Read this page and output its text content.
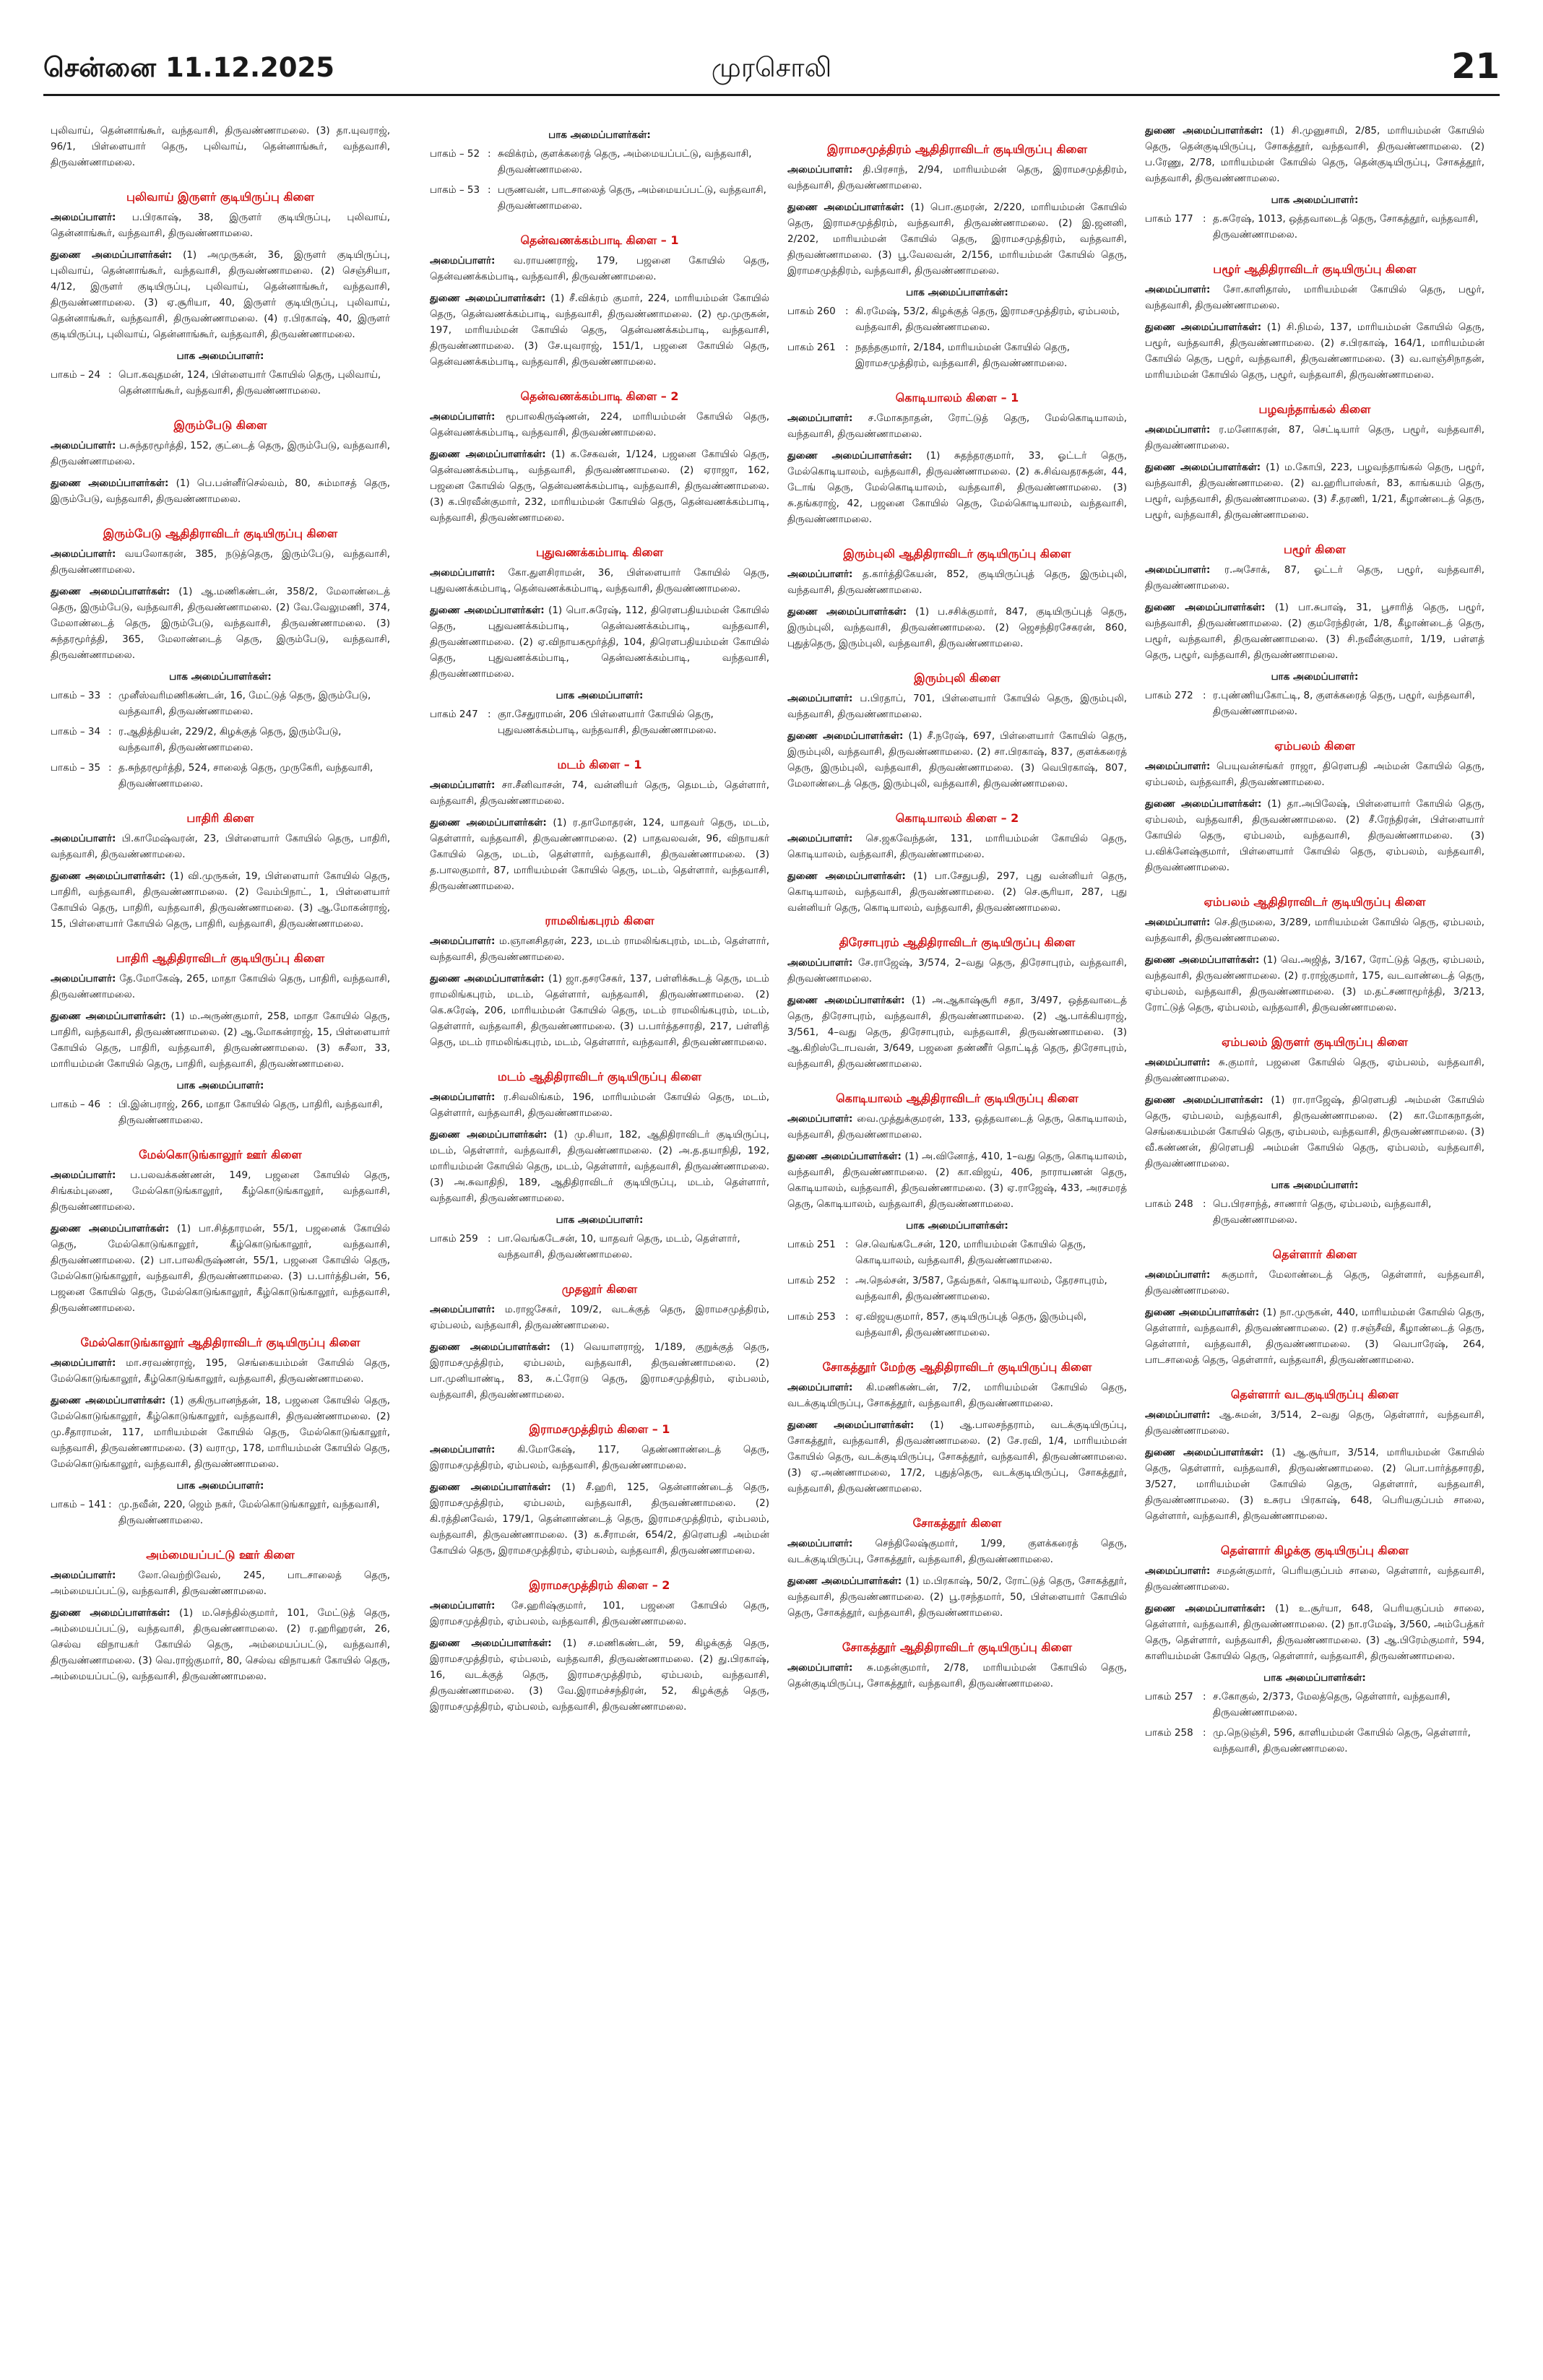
சென்னை 11.12.2025	முரசொலி	21
புலிவாய், தென்னாங்கூர், வந்தவாசி, திருவண்ணாமலை. (3) தா.யுவராஜ், 96/1, பிள்ளையார் தெரு, புலிவாய், தென்னாங்கூர், வந்தவாசி, திருவண்ணாமலை.
புலிவாய் இருளர் குடியிருப்பு கிளை
அமைப்பாளர்: ப.பிரகாஷ், 38, இருளர் குடியிருப்பு, புலிவாய், தென்னாங்கூர், வந்தவாசி, திருவண்ணாமலை.
துணை அமைப்பாளர்கள்: (1) அமுருகன், 36, இருளர் குடியிருப்பு, புலிவாய், தென்னாங்கூர், வந்தவாசி, திருவண்ணாமலை. (2) செஞ்சியா, 4/12, இருளர் குடியிருப்பு, புலிவாய், தென்னாங்கூர், வந்தவாசி, திருவண்ணாமலை. (3) ஏ.சூரியா, 40, இருளர் குடியிருப்பு, புலிவாய், தென்னாங்கூர், வந்தவாசி, திருவண்ணாமலை. (4) ர.பிரகாஷ், 40, இருளர் குடியிருப்பு, புலிவாய், தென்னாங்கூர், வந்தவாசி, திருவண்ணாமலை.
பாக அமைப்பாளர்:
பாகம் – 24 : பொ.கவுதமன், 124, பிள்ளையார் கோயில் தெரு, புலிவாய், தென்னாங்கூர், வந்தவாசி, திருவண்ணாமலை.
இரும்பேடு கிளை
அமைப்பாளர்: ப.சுந்தரமூர்த்தி, 152, குட்டைத் தெரு, இரும்பேடு, வந்தவாசி, திருவண்ணாமலை.
துணை அமைப்பாளர்கள்: (1) பெ.பன்னீர்செல்வம், 80, சும்மாசத் தெரு, இரும்பேடு, வந்தவாசி, திருவண்ணாமலை.
இரும்பேடு ஆதிதிராவிடர் குடியிருப்பு கிளை
அமைப்பாளர்: வயலோகரன், 385, நடுத்தெரு, இரும்பேடு, வந்தவாசி, திருவண்ணாமலை.
துணை அமைப்பாளர்கள்: (1) ஆ.மணிகண்டன், 358/2, மேலாண்டைத் தெரு, இரும்பேடு, வந்தவாசி, திருவண்ணாமலை. (2) வே.வேலுமணி, 374, மேலாண்டைத் தெரு, இரும்பேடு, வந்தவாசி, திருவண்ணாமலை. (3) சுந்தரமூர்த்தி, 365, மேலாண்டைத் தெரு, இரும்பேடு, வந்தவாசி, திருவண்ணாமலை.
பாக அமைப்பாளர்கள்:
பாகம் – 33 : முனீஸ்வரிமணிகண்டன், 16, மேட்டுத் தெரு, இரும்பேடு, வந்தவாசி, திருவண்ணாமலை.
பாகம் – 34 : ர.ஆதித்தியன், 229/2, கிழக்குத் தெரு, இரும்பேடு, வந்தவாசி, திருவண்ணாமலை.
பாகம் – 35 : த.சுந்தரமூர்த்தி, 524, சாலைத் தெரு, முருகேரி, வந்தவாசி, திருவண்ணாமலை.
பாதிரி கிளை
அமைப்பாளர்: பி.காமேஷ்வரன், 23, பிள்ளையார் கோயில் தெரு, பாதிரி, வந்தவாசி, திருவண்ணாமலை.
துணை அமைப்பாளர்கள்: (1) வி.முருகன், 19, பிள்ளையார் கோயில் தெரு, பாதிரி, வந்தவாசி, திருவண்ணாமலை. (2) வேம்பிநாட், 1, பிள்ளையார் கோயில் தெரு, பாதிரி, வந்தவாசி, திருவண்ணாமலை. (3) ஆ.மோகன்ராஜ், 15, பிள்ளையார் கோயில் தெரு, பாதிரி, வந்தவாசி, திருவண்ணாமலை.
பாதிரி ஆதிதிராவிடர் குடியிருப்பு கிளை
அமைப்பாளர்: தே.மோகேஷ், 265, மாதா கோயில் தெரு, பாதிரி, வந்தவாசி, திருவண்ணாமலை.
துணை அமைப்பாளர்கள்: (1) ம.அருண்குமார், 258, மாதா கோயில் தெரு, பாதிரி, வந்தவாசி, திருவண்ணாமலை. (2) ஆ.மோகன்ராஜ், 15, பிள்ளையார் கோயில் தெரு, பாதிரி, வந்தவாசி, திருவண்ணாமலை. (3) சுசீலா, 33, மாரியம்மன் கோயில் தெரு, பாதிரி, வந்தவாசி, திருவண்ணாமலை.
பாக அமைப்பாளர்:
பாகம் – 46 : பி.இன்பராஜ், 266, மாதா கோயில் தெரு, பாதிரி, வந்தவாசி, திருவண்ணாமலை.
மேல்கொடுங்காலூர் ஊர் கிளை
அமைப்பாளர்: ப.பலவக்கண்ணன், 149, பஜனை கோயில் தெரு, சிங்கம்புணை, மேல்கொடுங்காலூர், கீழ்கொடுங்காலூர், வந்தவாசி, திருவண்ணாமலை.
துணை அமைப்பாளர்கள்: (1) பா.சித்தாரமன், 55/1, பஜனைக் கோயில் தெரு, மேல்கொடுங்காலூர், கீழ்கொடுங்காலூர், வந்தவாசி, திருவண்ணாமலை. (2) பா.பாலகிருஷ்ணன், 55/1, பஜனை கோயில் தெரு, மேல்கொடுங்காலூர், வந்தவாசி, திருவண்ணாமலை. (3) ப.பார்த்திபன், 56, பஜனை கோயில் தெரு, மேல்கொடுங்காலூர், கீழ்கொடுங்காலூர், வந்தவாசி, திருவண்ணாமலை.
மேல்கொடுங்காலூர் ஆதிதிராவிடர் குடியிருப்பு கிளை
அமைப்பாளர்: மா.சரவண்ராஜ், 195, செங்கையம்மன் கோயில் தெரு, மேல்கொடுங்காலூர், கீழ்கொடுங்காலூர், வந்தவாசி, திருவண்ணாமலை.
துணை அமைப்பாளர்கள்: (1) குகிருபானந்தன், 18, பஜனை கோயில் தெரு, மேல்கொடுங்காலூர், கீழ்கொடுங்காலூர், வந்தவாசி, திருவண்ணாமலை. (2) மு.சீதாராமன், 117, மாரியம்மன் கோயில் தெரு, மேல்கொடுங்காலூர், வந்தவாசி, திருவண்ணாமலை. (3) வராமு, 178, மாரியம்மன் கோயில் தெரு, மேல்கொடுங்காலூர், வந்தவாசி, திருவண்ணாமலை.
பாக அமைப்பாளர்:
பாகம் – 141 : மு.நவீன், 220, ஜெம் நகர், மேல்கொடுங்காலூர், வந்தவாசி, திருவண்ணாமலை.
அம்மையப்பட்டு ஊர் கிளை
அமைப்பாளர்: லோ.வெற்றிவேல், 245, பாடசாலைத் தெரு, அம்மையப்பட்டு, வந்தவாசி, திருவண்ணாமலை.
துணை அமைப்பாளர்கள்: (1) ம.செந்தில்குமார், 101, மேட்டுத் தெரு, அம்மையப்பட்டு, வந்தவாசி, திருவண்ணாமலை. (2) ர.ஹரிஹரன், 26, செல்வ விநாயகர் கோயில் தெரு, அம்மையப்பட்டு, வந்தவாசி, திருவண்ணாமலை. (3) வெ.ராஜ்குமார், 80, செல்வ விநாயகர் கோயில் தெரு, அம்மையப்பட்டு, வந்தவாசி, திருவண்ணாமலை.
பாக அமைப்பாளர்கள்:
பாகம் – 52 : சுவிக்ரம், குளக்கரைத் தெரு, அம்மையப்பட்டு, வந்தவாசி, திருவண்ணாமலை.
பாகம் – 53 : பருணவன், பாடசாலைத் தெரு, அம்மையப்பட்டு, வந்தவாசி, திருவண்ணாமலை.
தென்வணக்கம்பாடி கிளை – 1
அமைப்பாளர்: வ.ராயணராஜ், 179, பஜனை கோயில் தெரு, தென்வணக்கம்பாடி, வந்தவாசி, திருவண்ணாமலை.
துணை அமைப்பாளர்கள்: (1) சீ.விக்ரம் குமார், 224, மாரியம்மன் கோயில் தெரு, தென்வணக்கம்பாடி, வந்தவாசி, திருவண்ணாமலை. (2) மூ.முருகன், 197, மாரியம்மன் கோயில் தெரு, தென்வணக்கம்பாடி, வந்தவாசி, திருவண்ணாமலை. (3) சே.யுவராஜ், 151/1, பஜனை கோயில் தெரு, தென்வணக்கம்பாடி, வந்தவாசி, திருவண்ணாமலை.
தென்வணக்கம்பாடி கிளை – 2
அமைப்பாளர்: மூபாலகிருஷ்ணன், 224, மாரியம்மன் கோயில் தெரு, தென்வணக்கம்பாடி, வந்தவாசி, திருவண்ணாமலை.
துணை அமைப்பாளர்கள்: (1) க.சேகவன், 1/124, பஜனை கோயில் தெரு, தென்வணக்கம்பாடி, வந்தவாசி, திருவண்ணாமலை. (2) ஏராஜா, 162, பஜனை கோயில் தெரு, தென்வணக்கம்பாடி, வந்தவாசி, திருவண்ணாமலை. (3) க.பிரவீன்குமார், 232, மாரியம்மன் கோயில் தெரு, தென்வணக்கம்பாடி, வந்தவாசி, திருவண்ணாமலை.
புதுவணக்கம்பாடி கிளை
அமைப்பாளர்: கோ.துளசிராமன், 36, பிள்ளையார் கோயில் தெரு, புதுவணக்கம்பாடி, தென்வணக்கம்பாடி, வந்தவாசி, திருவண்ணாமலை.
துணை அமைப்பாளர்கள்: (1) பொ.சுரேஷ், 112, திரௌபதியம்மன் கோயில் தெரு, புதுவணக்கம்பாடி, தென்வணக்கம்பாடி, வந்தவாசி, திருவண்ணாமலை. (2) ஏ.விநாயகமூர்த்தி, 104, திரௌபதியம்மன் கோயில் தெரு, புதுவணக்கம்பாடி, தென்வணக்கம்பாடி, வந்தவாசி, திருவண்ணாமலை.
பாக அமைப்பாளர்:
பாகம் 247 : குா.சேதுராமன், 206 பிள்ளையார் கோயில் தெரு, புதுவணக்கம்பாடி, வந்தவாசி, திருவண்ணாமலை.
மடம் கிளை – 1
அமைப்பாளர்: சா.சீனிவாசன், 74, வன்னியர் தெரு, தெமடம், தெள்ளார், வந்தவாசி, திருவண்ணாமலை.
துணை அமைப்பாளர்கள்: (1) ர.தாமோதரன், 124, யாதவர் தெரு, மடம், தெள்ளார், வந்தவாசி, திருவண்ணாமலை. (2) பாதவலவன், 96, விநாயகர் கோயில் தெரு, மடம், தெள்ளார், வந்தவாசி, திருவண்ணாமலை. (3) த.பாலகுமார், 87, மாரியம்மன் கோயில் தெரு, மடம், தெள்ளார், வந்தவாசி, திருவண்ணாமலை.
ராமலிங்கபுரம் கிளை
அமைப்பாளர்: ம.ஞானசிதரன், 223, மடம் ராமலிங்கபுரம், மடம், தெள்ளார், வந்தவாசி, திருவண்ணாமலை.
துணை அமைப்பாளர்கள்: (1) ஜா.தசரசேகர், 137, பள்ளிக்கூடத் தெரு, மடம் ராமலிங்கபுரம், மடம், தெள்ளார், வந்தவாசி, திருவண்ணாமலை. (2) கெ.சுரேஷ், 206, மாரியம்மன் கோயில் தெரு, மடம் ராமலிங்கபுரம், மடம், தெள்ளார், வந்தவாசி, திருவண்ணாமலை. (3) ப.பார்த்தசாரதி, 217, பள்ளித் தெரு, மடம் ராமலிங்கபுரம், மடம், தெள்ளார், வந்தவாசி, திருவண்ணாமலை.
மடம் ஆதிதிராவிடர் குடியிருப்பு கிளை
அமைப்பாளர்: ர.சிவலிங்கம், 196, மாரியம்மன் கோயில் தெரு, மடம், தெள்ளார், வந்தவாசி, திருவண்ணாமலை.
துணை அமைப்பாளர்கள்: (1) மு.சியா, 182, ஆதிதிராவிடர் குடியிருப்பு, மடம், தெள்ளார், வந்தவாசி, திருவண்ணாமலை. (2) அ.த.தயாநிதி, 192, மாரியம்மன் கோயில் தெரு, மடம், தெள்ளார், வந்தவாசி, திருவண்ணாமலை. (3) அ.சுவாதிநி, 189, ஆதிதிராவிடர் குடியிருப்பு, மடம், தெள்ளார், வந்தவாசி, திருவண்ணாமலை.
பாக அமைப்பாளர்:
பாகம் 259 : பா.வெங்கடேசன், 10, யாதவர் தெரு, மடம், தெள்ளார், வந்தவாசி, திருவண்ணாமலை.
முதலூர் கிளை
அமைப்பாளர்: ம.ராஜசேகர், 109/2, வடக்குத் தெரு, இராமசமுத்திரம், ஏம்பலம், வந்தவாசி, திருவண்ணாமலை.
துணை அமைப்பாளர்கள்: (1) வெயாளராஜ், 1/189, குறுக்குத் தெரு, இராமசமுத்திரம், ஏம்பலம், வந்தவாசி, திருவண்ணாமலை. (2) பா.முனியாண்டி, 83, சு.ட்ரோடு தெரு, இராமசமுத்திரம், ஏம்பலம், வந்தவாசி, திருவண்ணாமலை.
இராமசமுத்திரம் கிளை – 1
அமைப்பாளர்: கி.மோகேஷ், 117, தெண்ணாண்டைத் தெரு, இராமசமுத்திரம், ஏம்பலம், வந்தவாசி, திருவண்ணாமலை.
துணை அமைப்பாளர்கள்: (1) சீ.ஹரி, 125, தென்னாண்டைத் தெரு, இராமசமுத்திரம், ஏம்பலம், வந்தவாசி, திருவண்ணாமலை. (2) கி.ரத்தினவேல், 179/1, தென்னாண்டைத் தெரு, இராமசமுத்திரம், ஏம்பலம், வந்தவாசி, திருவண்ணாமலை. (3) க.சீராமன், 654/2, திரௌபதி அம்மன் கோயில் தெரு, இராமசமுத்திரம், ஏம்பலம், வந்தவாசி, திருவண்ணாமலை.
இராமசமுத்திரம் கிளை – 2
அமைப்பாளர்: சே.ஹரிஷ்குமார், 101, பஜனை கோயில் தெரு, இராமசமுத்திரம், ஏம்பலம், வந்தவாசி, திருவண்ணாமலை.
துணை அமைப்பாளர்கள்: (1) ச.மணிகண்டன், 59, கிழக்குத் தெரு, இராமசமுத்திரம், ஏம்பலம், வந்தவாசி, திருவண்ணாமலை. (2) து.பிரகாஷ், 16, வடக்குத் தெரு, இராமசமுத்திரம், ஏம்பலம், வந்தவாசி, திருவண்ணாமலை. (3) வே.இராமச்சந்திரன், 52, கிழக்குத் தெரு, இராமசமுத்திரம், ஏம்பலம், வந்தவாசி, திருவண்ணாமலை.
இராமசமுத்திரம் ஆதிதிராவிடர் குடியிருப்பு கிளை
அமைப்பாளர்: தி.பிரசாந், 2/94, மாரியம்மன் தெரு, இராமசமுத்திரம், வந்தவாசி, திருவண்ணாமலை.
துணை அமைப்பாளர்கள்: (1) பொ.குமரன், 2/220, மாரியம்மன் கோயில் தெரு, இராமசமுத்திரம், வந்தவாசி, திருவண்ணாமலை. (2) இ.ஜனனி, 2/202, மாரியம்மன் கோயில் தெரு, இராமசமுத்திரம், வந்தவாசி, திருவண்ணாமலை. (3) பூ.வேலவன், 2/156, மாரியம்மன் கோயில் தெரு, இராமசமுத்திரம், வந்தவாசி, திருவண்ணாமலை.
பாக அமைப்பாளர்கள்:
பாகம் 260 : கி.ரமேஷ், 53/2, கிழக்குத் தெரு, இராமசமுத்திரம், ஏம்பலம், வந்தவாசி, திருவண்ணாமலை.
பாகம் 261 : நதந்தகுமார், 2/184, மாரியம்மன் கோயில் தெரு, இராமசமுத்திரம், வந்தவாசி, திருவண்ணாமலை.
கொடியாலம் கிளை – 1
அமைப்பாளர்: ச.மோகநாதன், ரோட்டுத் தெரு, மேல்கொடியாலம், வந்தவாசி, திருவண்ணாமலை.
துணை அமைப்பாளர்கள்: (1) சுதந்தரகுமார், 33, ஓட்டர் தெரு, மேல்கொடியாலம், வந்தவாசி, திருவண்ணாமலை. (2) சு.சிவ்வதரசுதன், 44, டோங் தெரு, மேல்கொடியாலம், வந்தவாசி, திருவண்ணாமலை. (3) சு.தங்கராஜ், 42, பஜனை கோயில் தெரு, மேல்கொடியாலம், வந்தவாசி, திருவண்ணாமலை.
இரும்புலி ஆதிதிராவிடர் குடியிருப்பு கிளை
அமைப்பாளர்: த.கார்த்திகேயன், 852, குடியிருப்புத் தெரு, இரும்புலி, வந்தவாசி, திருவண்ணாமலை.
துணை அமைப்பாளர்கள்: (1) ப.சசிக்குமார், 847, குடியிருப்புத் தெரு, இரும்புலி, வந்தவாசி, திருவண்ணாமலை. (2) ஜெசந்திரசேகரன், 860, புதுத்தெரு, இரும்புலி, வந்தவாசி, திருவண்ணாமலை.
இரும்புலி கிளை
அமைப்பாளர்: ப.பிரதாப், 701, பிள்ளையார் கோயில் தெரு, இரும்புலி, வந்தவாசி, திருவண்ணாமலை.
துணை அமைப்பாளர்கள்: (1) சீ.நரேஷ், 697, பிள்ளையார் கோயில் தெரு, இரும்புலி, வந்தவாசி, திருவண்ணாமலை. (2) சா.பிரகாஷ், 837, குளக்கரைத் தெரு, இரும்புலி, வந்தவாசி, திருவண்ணாமலை. (3) வெபிரகாஷ், 807, மேலாண்டைத் தெரு, இரும்புலி, வந்தவாசி, திருவண்ணாமலை.
கொடியாலம் கிளை – 2
அமைப்பாளர்: செ.ஜகவேந்தன், 131, மாரியம்மன் கோயில் தெரு, கொடியாலம், வந்தவாசி, திருவண்ணாமலை.
துணை அமைப்பாளர்கள்: (1) பா.சேதுபதி, 297, புது வன்னியர் தெரு, கொடியாலம், வந்தவாசி, திருவண்ணாமலை. (2) செ.சூரியா, 287, புது வன்னியர் தெரு, கொடியாலம், வந்தவாசி, திருவண்ணாமலை.
திரேசாபுரம் ஆதிதிராவிடர் குடியிருப்பு கிளை
அமைப்பாளர்: சே.ராஜேஷ், 3/574, 2–வது தெரு, திரேசாபுரம், வந்தவாசி, திருவண்ணாமலை.
துணை அமைப்பாளர்கள்: (1) அ.ஆகாஷ்சூரி சதா, 3/497, ஒத்தவாடைத் தெரு, திரேசாபுரம், வந்தவாசி, திருவண்ணாமலை. (2) ஆ.பாக்கியராஜ், 3/561, 4–வது தெரு, திரேசாபுரம், வந்தவாசி, திருவண்ணாமலை. (3) ஆ.கிறிஸ்டோபவன், 3/649, பஜனை தண்ணீர் தொட்டித் தெரு, திரேசாபுரம், வந்தவாசி, திருவண்ணாமலை.
கொடியாலம் ஆதிதிராவிடர் குடியிருப்பு கிளை
அமைப்பாளர்: வை.முத்துக்குமரன், 133, ஒத்தவாடைத் தெரு, கொடியாலம், வந்தவாசி, திருவண்ணாமலை.
துணை அமைப்பாளர்கள்: (1) அ.வினோத், 410, 1–வது தெரு, கொடியாலம், வந்தவாசி, திருவண்ணாமலை. (2) கா.விஜய், 406, நாராயணன் தெரு, கொடியாலம், வந்தவாசி, திருவண்ணாமலை. (3) ஏ.ராஜேஷ், 433, அரசமரத் தெரு, கொடியாலம், வந்தவாசி, திருவண்ணாமலை.
பாக அமைப்பாளர்கள்:
பாகம் 251 : செ.வெங்கடேசன், 120, மாரியம்மன் கோயில் தெரு, கொடியாலம், வந்தவாசி, திருவண்ணாமலை.
பாகம் 252 : அ.நெல்சன், 3/587, தேவ்நகர், கொடியாலம், தேரசாபுரம், வந்தவாசி, திருவண்ணாமலை.
பாகம் 253 : ஏ.விஜயகுமார், 857, குடியிருப்புத் தெரு, இரும்புலி, வந்தவாசி, திருவண்ணாமலை.
சோகத்தூர் மேற்கு ஆதிதிராவிடர் குடியிருப்பு கிளை
அமைப்பாளர்: கி.மணிகண்டன், 7/2, மாரியம்மன் கோயில் தெரு, வடக்குடியிருப்பு, சோகத்தூர், வந்தவாசி, திருவண்ணாமலை.
துணை அமைப்பாளர்கள்: (1) ஆ.பாலசந்தராம், வடக்குடியிருப்பு, சோகத்தூர், வந்தவாசி, திருவண்ணாமலை. (2) சே.ரவி, 1/4, மாரியம்மன் கோயில் தெரு, வடக்குடியிருப்பு, சோகத்தூர், வந்தவாசி, திருவண்ணாமலை. (3) ஏ.அண்ணாமலை, 17/2, புதுத்தெரு, வடக்குடியிருப்பு, சோகத்தூர், வந்தவாசி, திருவண்ணாமலை.
சோகத்தூர் கிளை
அமைப்பாளர்: செந்திலேஷ்குமார், 1/99, குளக்கரைத் தெரு, வடக்குடியிருப்பு, சோகத்தூர், வந்தவாசி, திருவண்ணாமலை.
துணை அமைப்பாளர்கள்: (1) ம.பிரகாஷ், 50/2, ரோட்டுத் தெரு, சோகத்தூர், வந்தவாசி, திருவண்ணாமலை. (2) பூ.ரசந்தமார், 50, பிள்ளையார் கோயில் தெரு, சோகத்தூர், வந்தவாசி, திருவண்ணாமலை.
சோகத்தூர் ஆதிதிராவிடர் குடியிருப்பு கிளை
அமைப்பாளர்: சு.மதன்குமார், 2/78, மாரியம்மன் கோயில் தெரு, தென்குடியிருப்பு, சோகத்தூர், வந்தவாசி, திருவண்ணாமலை.
துணை அமைப்பாளர்கள்: (1) சி.முனுசாமி, 2/85, மாரியம்மன் கோயில் தெரு, தென்குடியிருப்பு, சோகத்தூர், வந்தவாசி, திருவண்ணாமலை. (2) ப.ரேணு, 2/78, மாரியம்மன் கோயில் தெரு, தென்குடியிருப்பு, சோகத்தூர், வந்தவாசி, திருவண்ணாமலை.
பாக அமைப்பாளர்:
பாகம் 177 : த.சுரேஷ், 1013, ஒத்தவாடைத் தெரு, சோகத்தூர், வந்தவாசி, திருவண்ணாமலை.
பழூர் ஆதிதிராவிடர் குடியிருப்பு கிளை
அமைப்பாளர்: சோ.காளிதாஸ், மாரியம்மன் கோயில் தெரு, பழூர், வந்தவாசி, திருவண்ணாமலை.
துணை அமைப்பாளர்கள்: (1) சி.நிமல், 137, மாரியம்மன் கோயில் தெரு, பழூர், வந்தவாசி, திருவண்ணாமலை. (2) ச.பிரகாஷ், 164/1, மாரியம்மன் கோயில் தெரு, பழூர், வந்தவாசி, திருவண்ணாமலை. (3) வ.வாஞ்சிநாதன், மாரியம்மன் கோயில் தெரு, பழூர், வந்தவாசி, திருவண்ணாமலை.
பழவந்தாங்கல் கிளை
அமைப்பாளர்: ர.மனோகரன், 87, செட்டியார் தெரு, பழூர், வந்தவாசி, திருவண்ணாமலை.
துணை அமைப்பாளர்கள்: (1) ம.கோபி, 223, பழவந்தாங்கல் தெரு, பழூர், வந்தவாசி, திருவண்ணாமலை. (2) வ.ஹரிபாஸ்கர், 83, காங்கயம் தெரு, பழூர், வந்தவாசி, திருவண்ணாமலை. (3) சீ.தரணி, 1/21, கீழாண்டைத் தெரு, பழூர், வந்தவாசி, திருவண்ணாமலை.
பழூர் கிளை
அமைப்பாளர்: ர.அசோக், 87, ஓட்டர் தெரு, பழூர், வந்தவாசி, திருவண்ணாமலை.
துணை அமைப்பாளர்கள்: (1) பா.சுபாஷ், 31, பூசாரித் தெரு, பழூர், வந்தவாசி, திருவண்ணாமலை. (2) குமரேந்திரன், 1/8, கீழாண்டைத் தெரு, பழூர், வந்தவாசி, திருவண்ணாமலை. (3) சி.நவீன்குமார், 1/19, பள்ளத் தெரு, பழூர், வந்தவாசி, திருவண்ணாமலை.
பாக அமைப்பாளர்:
பாகம் 272 : ர.புண்ணியகோட்டி, 8, குளக்கரைத் தெரு, பழூர், வந்தவாசி, திருவண்ணாமலை.
ஏம்பலம் கிளை
அமைப்பாளர்: பெயுவன்சங்கர் ராஜா, திரௌபதி அம்மன் கோயில் தெரு, ஏம்பலம், வந்தவாசி, திருவண்ணாமலை.
துணை அமைப்பாளர்கள்: (1) தா.அபிலேஷ், பிள்ளையார் கோயில் தெரு, ஏம்பலம், வந்தவாசி, திருவண்ணாமலை. (2) சீ.ரேந்திரன், பிள்ளையார் கோயில் தெரு, ஏம்பலம், வந்தவாசி, திருவண்ணாமலை. (3) ப.விக்னேஷ்குமார், பிள்ளையார் கோயில் தெரு, ஏம்பலம், வந்தவாசி, திருவண்ணாமலை.
ஏம்பலம் ஆதிதிராவிடர் குடியிருப்பு கிளை
அமைப்பாளர்: செ.திருமலை, 3/289, மாரியம்மன் கோயில் தெரு, ஏம்பலம், வந்தவாசி, திருவண்ணாமலை.
துணை அமைப்பாளர்கள்: (1) வெ.அஜித், 3/167, ரோட்டுத் தெரு, ஏம்பலம், வந்தவாசி, திருவண்ணாமலை. (2) ர.ராஜ்குமார், 175, வடவாண்டைத் தெரு, ஏம்பலம், வந்தவாசி, திருவண்ணாமலை. (3) ம.தட்சணாமூர்த்தி, 3/213, ரோட்டுத் தெரு, ஏம்பலம், வந்தவாசி, திருவண்ணாமலை.
ஏம்பலம் இருளர் குடியிருப்பு கிளை
அமைப்பாளர்: சு.குமார், பஜனை கோயில் தெரு, ஏம்பலம், வந்தவாசி, திருவண்ணாமலை.
துணை அமைப்பாளர்கள்: (1) ரா.ராஜேஷ், திரௌபதி அம்மன் கோயில் தெரு, ஏம்பலம், வந்தவாசி, திருவண்ணாமலை. (2) கா.மோகநாதன், செங்கையம்மன் கோயில் தெரு, ஏம்பலம், வந்தவாசி, திருவண்ணாமலை. (3) வீ.கண்ணன், திரௌபதி அம்மன் கோயில் தெரு, ஏம்பலம், வந்தவாசி, திருவண்ணாமலை.
பாக அமைப்பாளர்:
பாகம் 248 : பெ.பிரசாந்த், சாணார் தெரு, ஏம்பலம், வந்தவாசி, திருவண்ணாமலை.
தெள்ளார் கிளை
அமைப்பாளர்: சுகுமார், மேலாண்டைத் தெரு, தெள்ளார், வந்தவாசி, திருவண்ணாமலை.
துணை அமைப்பாளர்கள்: (1) நா.முருகன், 440, மாரியம்மன் கோயில் தெரு, தெள்ளார், வந்தவாசி, திருவண்ணாமலை. (2) ர.சஞ்சீவி, கீழாண்டைத் தெரு, தெள்ளார், வந்தவாசி, திருவண்ணாமலை. (3) வெபாரேஷ், 264, பாடசாலைத் தெரு, தெள்ளார், வந்தவாசி, திருவண்ணாமலை.
தெள்ளார் வடகுடியிருப்பு கிளை
அமைப்பாளர்: ஆ.சுமன், 3/514, 2–வது தெரு, தெள்ளார், வந்தவாசி, திருவண்ணாமலை.
துணை அமைப்பாளர்கள்: (1) ஆ.சூர்யா, 3/514, மாரியம்மன் கோயில் தெரு, தெள்ளார், வந்தவாசி, திருவண்ணாமலை. (2) பொ.பார்த்தசாரதி, 3/527, மாரியம்மன் கோயில் தெரு, தெள்ளார், வந்தவாசி, திருவண்ணாமலை. (3) உசுரப பிரகாஷ், 648, பெரியகுப்பம் சாலை, தெள்ளார், வந்தவாசி, திருவண்ணாமலை.
தெள்ளார் கிழக்கு குடியிருப்பு கிளை
அமைப்பாளர்: சமதன்குமார், பெரியகுப்பம் சாலை, தெள்ளார், வந்தவாசி, திருவண்ணாமலை.
துணை அமைப்பாளர்கள்: (1) உ.சூர்யா, 648, பெரியகுப்பம் சாலை, தெள்ளார், வந்தவாசி, திருவண்ணாமலை. (2) நா.ரமேஷ், 3/560, அம்பேத்கர் தெரு, தெள்ளார், வந்தவாசி, திருவண்ணாமலை. (3) ஆ.பிரேம்குமார், 594, காளியம்மன் கோயில் தெரு, தெள்ளார், வந்தவாசி, திருவண்ணாமலை.
பாக அமைப்பாளர்கள்:
பாகம் 257 : ச.கோகுல், 2/373, மேலத்தெரு, தெள்ளார், வந்தவாசி, திருவண்ணாமலை.
பாகம் 258 : மு.நெடுஞ்சி, 596, காளியம்மன் கோயில் தெரு, தெள்ளார், வந்தவாசி, திருவண்ணாமலை.
